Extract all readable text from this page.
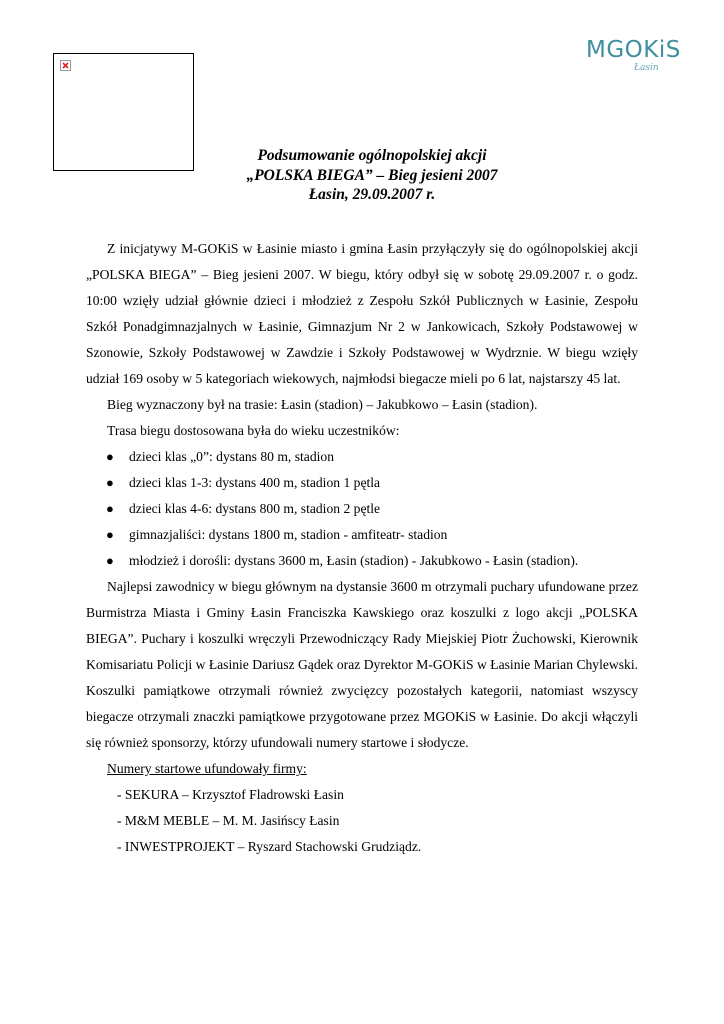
MGOKiS
Łasin
Podsumowanie ogólnopolskiej akcji
„POLSKA BIEGA” – Bieg jesieni 2007
Łasin, 29.09.2007 r.

Z inicjatywy M-GOKiS w Łasinie miasto i gmina Łasin przyłączyły się do ogólnopolskiej akcji „POLSKA BIEGA” – Bieg jesieni 2007. W biegu, który odbył się w sobotę 29.09.2007 r. o godz. 10:00 wzięły udział głównie dzieci i młodzież z Zespołu Szkół Publicznych w Łasinie, Zespołu Szkół Ponadgimnazjalnych w Łasinie, Gimnazjum Nr 2 w Jankowicach, Szkoły Podstawowej w Szonowie, Szkoły Podstawowej w Zawdzie i Szkoły Podstawowej w Wydrznie. W biegu wzięły udział 169 osoby w 5 kategoriach wiekowych, najmłodsi biegacze mieli po 6 lat, najstarszy 45 lat.

Bieg wyznaczony był na trasie: Łasin (stadion) – Jakubkowo – Łasin (stadion).

Trasa biegu dostosowana była do wieku uczestników:

● dzieci klas „0”: dystans 80 m, stadion
● dzieci klas 1-3: dystans 400 m, stadion 1 pętla
● dzieci klas 4-6: dystans 800 m, stadion 2 pętle
● gimnazjaliści: dystans 1800 m, stadion - amfiteatr- stadion
● młodzież i dorośli: dystans 3600 m, Łasin (stadion) - Jakubkowo - Łasin (stadion).

Najlepsi zawodnicy w biegu głównym na dystansie 3600 m otrzymali puchary ufundowane przez Burmistrza Miasta i Gminy Łasin Franciszka Kawskiego oraz koszulki z logo akcji „POLSKA BIEGA”. Puchary i koszulki wręczyli Przewodniczący Rady Miejskiej Piotr Żuchowski, Kierownik Komisariatu Policji w Łasinie Dariusz Gądek oraz Dyrektor M-GOKiS w Łasinie Marian Chylewski. Koszulki pamiątkowe otrzymali również zwycięzcy pozostałych kategorii, natomiast wszyscy biegacze otrzymali znaczki pamiątkowe przygotowane przez MGOKiS w Łasinie. Do akcji włączyli się również sponsorzy, którzy ufundowali numery startowe i słodycze.

Numery startowe ufundowały firmy:

- SEKURA – Krzysztof Fladrowski Łasin

- M&M MEBLE – M. M. Jasińscy Łasin

- INWESTPROJEKT – Ryszard Stachowski Grudziądz.
